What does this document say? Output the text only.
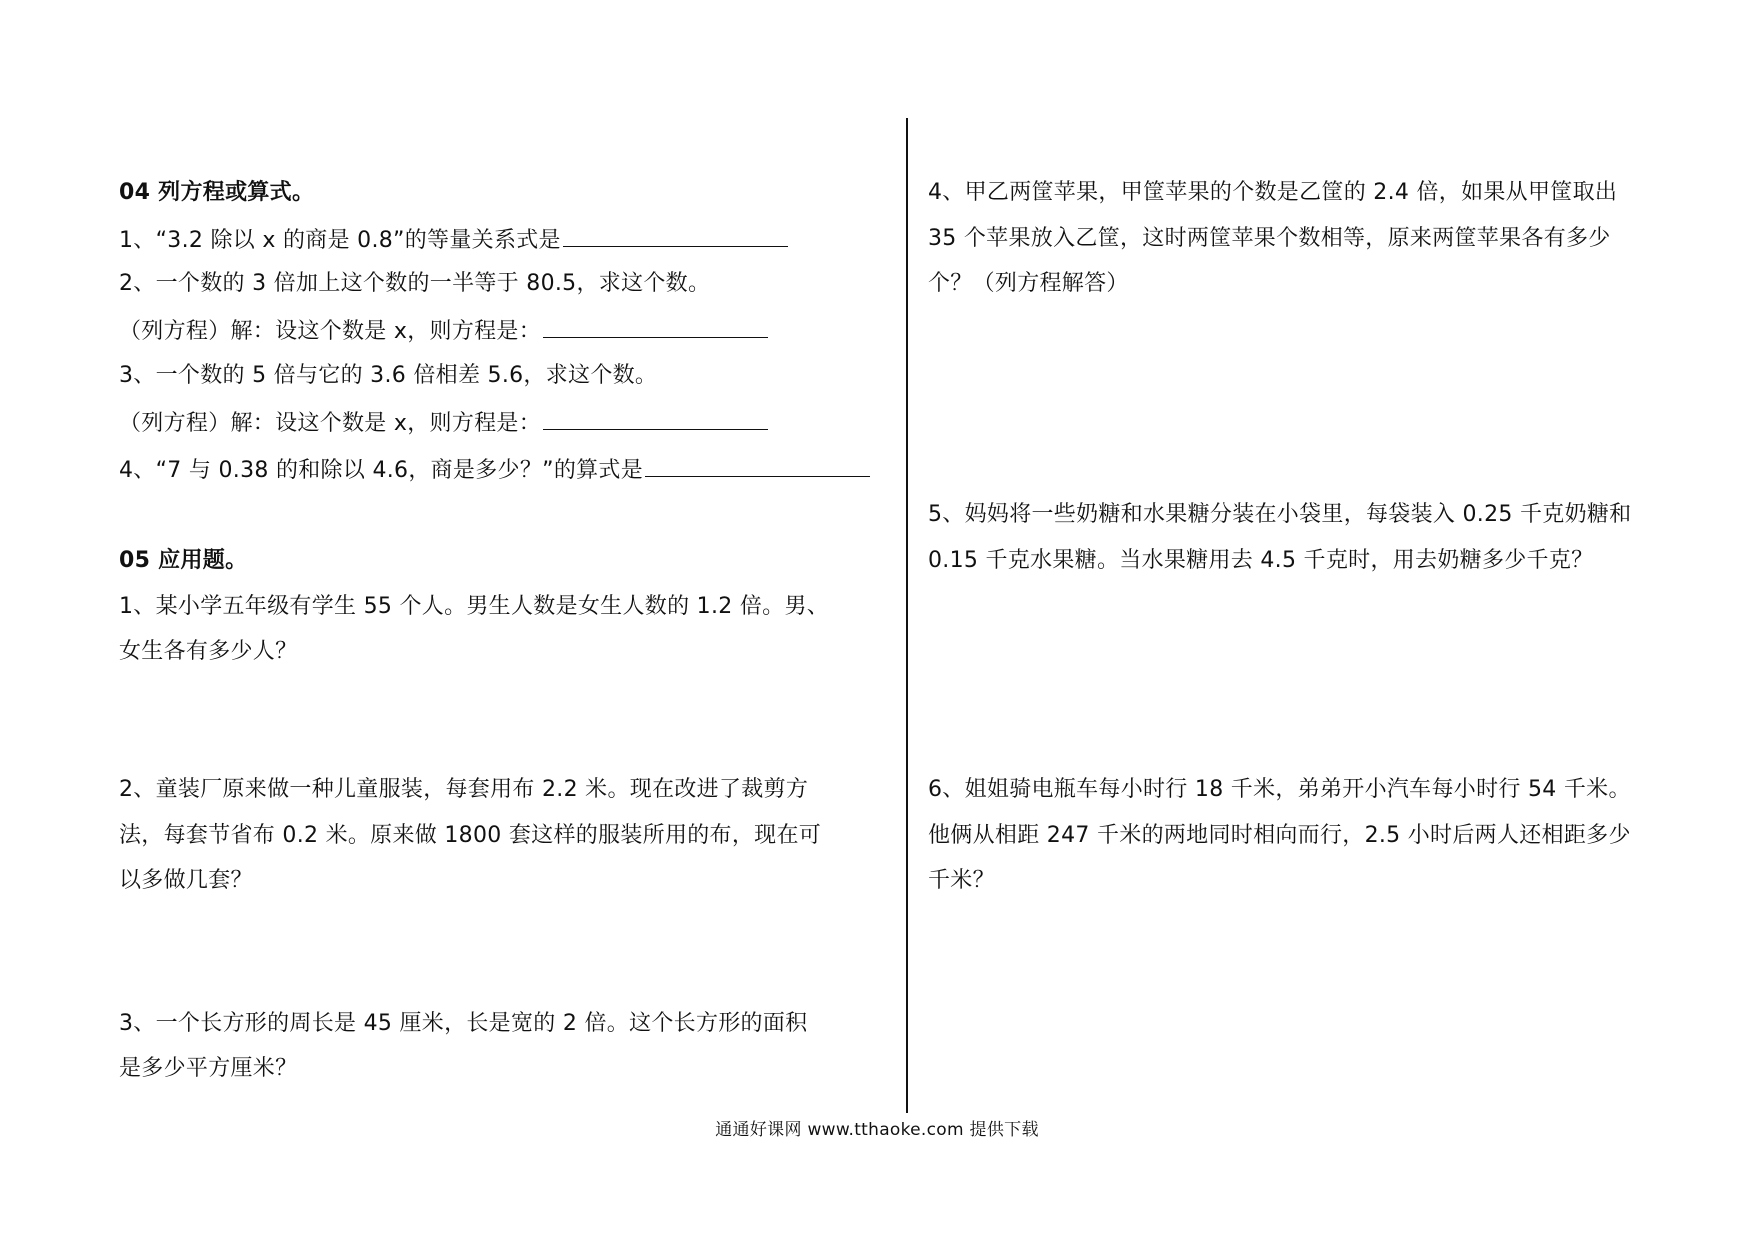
04 列方程或算式。
1、“3.2 除以 x 的商是 0.8”的等量关系式是
2、一个数的 3 倍加上这个数的一半等于 80.5，求这个数。
（列方程）解：设这个数是 x，则方程是：
3、一个数的 5 倍与它的 3.6 倍相差 5.6，求这个数。
（列方程）解：设这个数是 x，则方程是：
4、“7 与 0.38 的和除以 4.6，商是多少？”的算式是
05 应用题。
1、某小学五年级有学生 55 个人。男生人数是女生人数的 1.2 倍。男、
女生各有多少人？
2、童装厂原来做一种儿童服装，每套用布 2.2 米。现在改进了裁剪方
法，每套节省布 0.2 米。原来做 1800 套这样的服装所用的布，现在可
以多做几套？
3、一个长方形的周长是 45 厘米，长是宽的 2 倍。这个长方形的面积
是多少平方厘米？
4、甲乙两筐苹果，甲筐苹果的个数是乙筐的 2.4 倍，如果从甲筐取出
35 个苹果放入乙筐，这时两筐苹果个数相等，原来两筐苹果各有多少
个？（列方程解答）
5、妈妈将一些奶糖和水果糖分装在小袋里，每袋装入 0.25 千克奶糖和
0.15 千克水果糖。当水果糖用去 4.5 千克时，用去奶糖多少千克？
6、姐姐骑电瓶车每小时行 18 千米，弟弟开小汽车每小时行 54 千米。
他俩从相距 247 千米的两地同时相向而行，2.5 小时后两人还相距多少
千米？
通通好课网 www.tthaoke.com 提供下载
